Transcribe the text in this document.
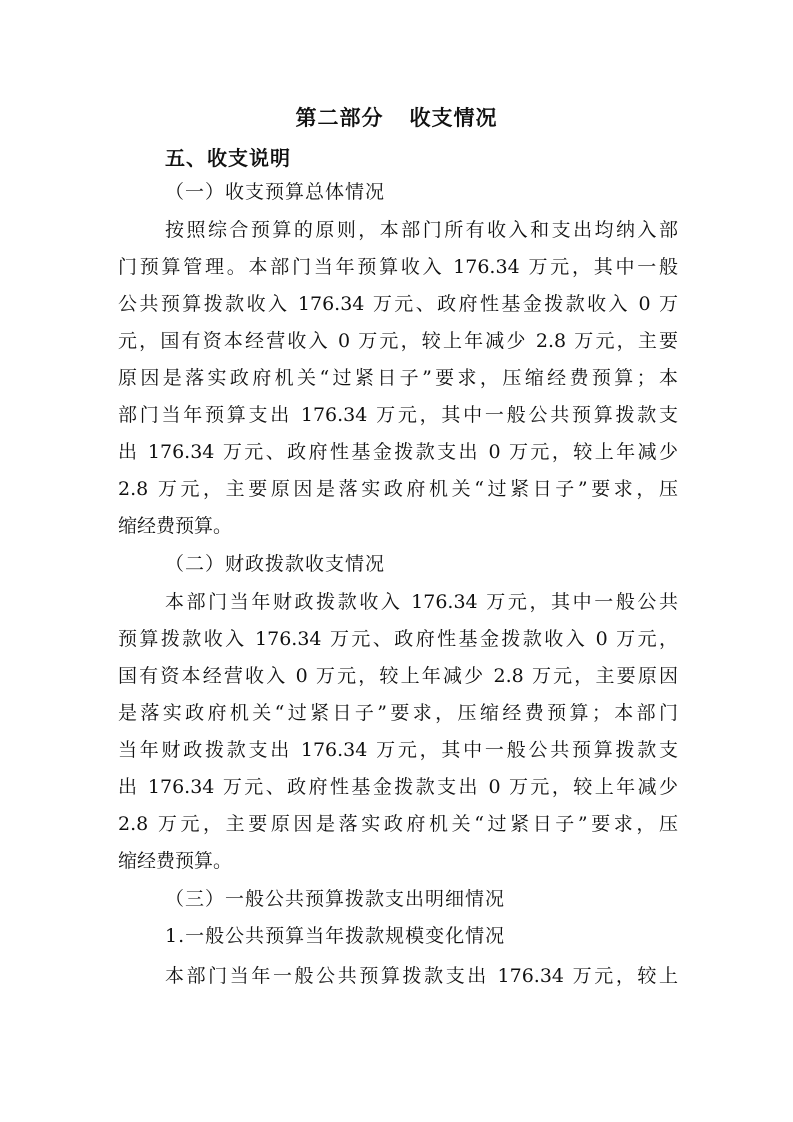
第二部分 收支情况
五、收支说明
（一）收支预算总体情况
按照综合预算的原则，本部门所有收入和支出均纳入部
门预算管理。本部门当年预算收入 176.34 万元，其中一般
公共预算拨款收入 176.34 万元、政府性基金拨款收入 0 万
元，国有资本经营收入 0 万元，较上年减少 2.8 万元，主要
原因是落实政府机关“过紧日子”要求，压缩经费预算；本
部门当年预算支出 176.34 万元，其中一般公共预算拨款支
出 176.34 万元、政府性基金拨款支出 0 万元，较上年减少
2.8 万元，主要原因是落实政府机关“过紧日子”要求，压
缩经费预算。
（二）财政拨款收支情况
本部门当年财政拨款收入 176.34 万元，其中一般公共
预算拨款收入 176.34 万元、政府性基金拨款收入 0 万元，
国有资本经营收入 0 万元，较上年减少 2.8 万元，主要原因
是落实政府机关“过紧日子”要求，压缩经费预算；本部门
当年财政拨款支出 176.34 万元，其中一般公共预算拨款支
出 176.34 万元、政府性基金拨款支出 0 万元，较上年减少
2.8 万元，主要原因是落实政府机关“过紧日子”要求，压
缩经费预算。
（三）一般公共预算拨款支出明细情况
1.一般公共预算当年拨款规模变化情况
本部门当年一般公共预算拨款支出 176.34 万元，较上
